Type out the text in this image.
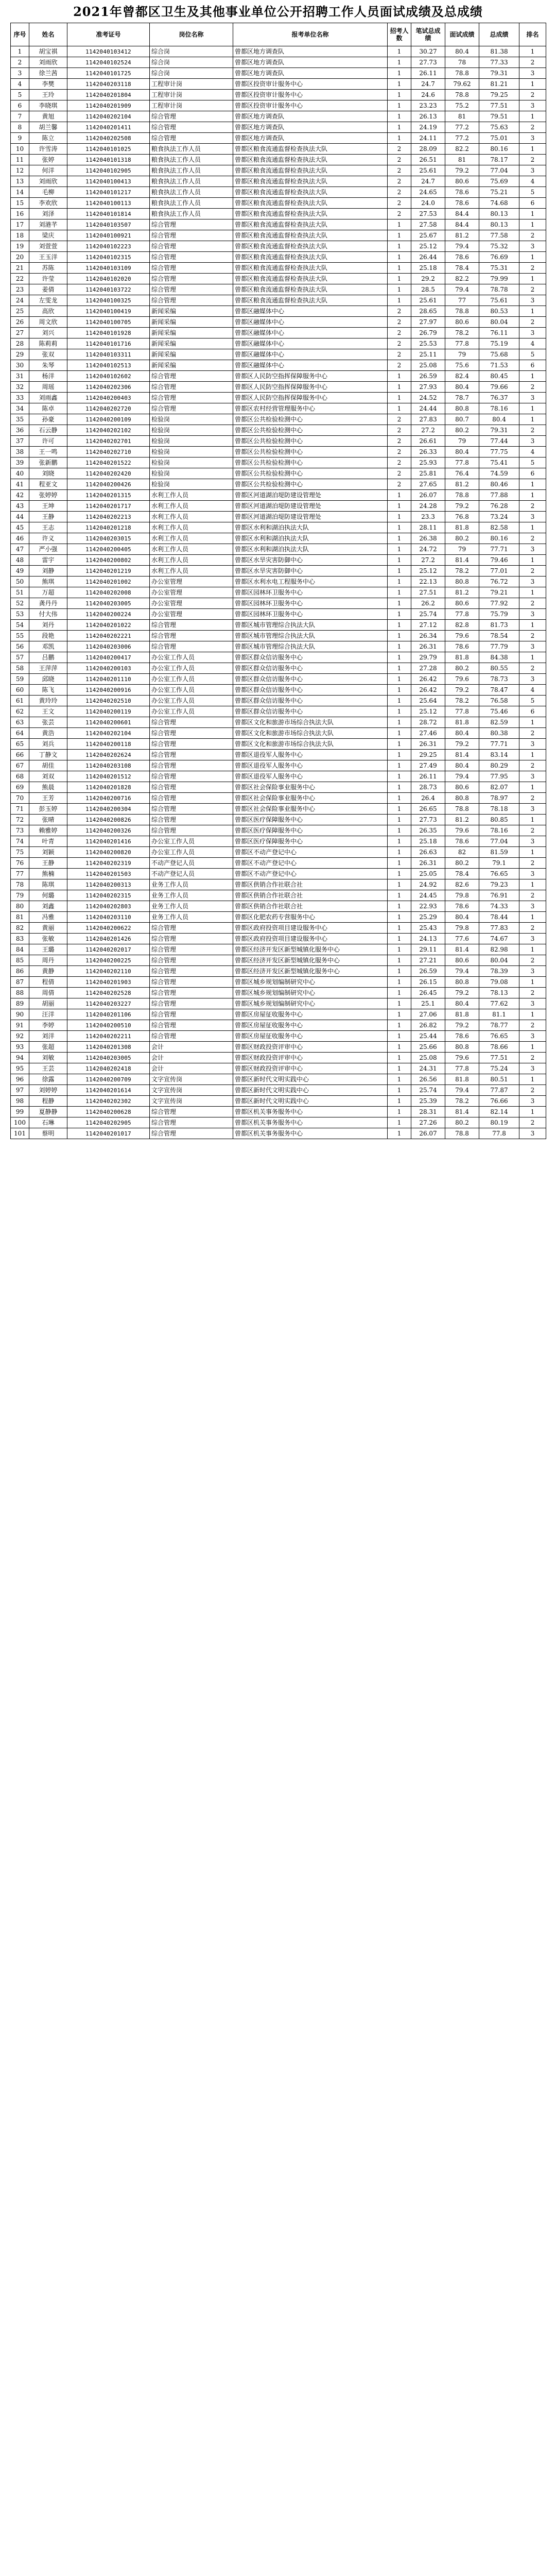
2021年曾都区卫生及其他事业单位公开招聘工作人员面试成绩及总成绩
序号	姓名	准考证号	岗位名称	报考单位名称	招考人数	笔试总成绩	面试成绩	总成绩	排名
1	胡宝祺	1142040103412	综合岗	曾都区地方调查队	1	30.27	80.4	81.38	1
2	刘雨欣	1142040102524	综合岗	曾都区地方调查队	1	27.73	78	77.33	2
3	徐兰茜	1142040101725	综合岗	曾都区地方调查队	1	26.11	78.8	79.31	3
4	李樊	1142040203118	工程审计岗	曾都区投资审计服务中心	1	24.7	79.62	81.21	1
5	王玲	1142040201804	工程审计岗	曾都区投资审计服务中心	1	24.6	78.8	79.25	2
6	李晓琪	1142040201909	工程审计岗	曾都区投资审计服务中心	1	23.23	75.2	77.51	3
7	黄旭	1142040202104	综合管理	曾都区地方调查队	1	26.13	81	79.51	1
8	胡兰馨	1142040201411	综合管理	曾都区地方调查队	1	24.19	77.2	75.63	2
9	陈立	1142040202508	综合管理	曾都区地方调查队	1	24.11	77.2	75.01	3
10	许雪涛	1142040101025	粮食执法工作人员	曾都区粮食流通监督检查执法大队	2	28.09	82.2	80.16	1
11	张婷	1142040101318	粮食执法工作人员	曾都区粮食流通监督检查执法大队	2	26.51	81	78.17	2
12	何洋	1142040102905	粮食执法工作人员	曾都区粮食流通监督检查执法大队	2	25.61	79.2	77.04	3
13	刘雨欣	1142040100413	粮食执法工作人员	曾都区粮食流通监督检查执法大队	2	24.7	80.6	75.69	4
14	毛柳	1142040101217	粮食执法工作人员	曾都区粮食流通监督检查执法大队	2	24.65	78.6	75.21	5
15	李欢欣	1142040100113	粮食执法工作人员	曾都区粮食流通监督检查执法大队	2	24.0	78.6	74.68	6
16	刘泽	1142040101814	粮食执法工作人员	曾都区粮食流通监督检查执法大队	2	27.53	84.4	80.13	1
17	刘港芊	1142040103507	综合管理	曾都区粮食流通监督检查执法大队	1	27.58	84.4	80.13	1
18	梁庆	1142040100921	综合管理	曾都区粮食流通监督检查执法大队	1	25.67	81.2	77.58	2
19	刘萱萱	1142040102223	综合管理	曾都区粮食流通监督检查执法大队	1	25.12	79.4	75.32	3
20	王玉洋	1142040102315	综合管理	曾都区粮食流通监督检查执法大队	1	26.44	78.6	76.69	1
21	苏陈	1142040103109	综合管理	曾都区粮食流通监督检查执法大队	1	25.18	78.4	75.31	2
22	许莹	1142040102020	综合管理	曾都区粮食流通监督检查执法大队	1	29.2	82.2	79.99	1
23	姜倩	1142040103722	综合管理	曾都区粮食流通监督检查执法大队	1	28.5	79.4	78.78	2
24	左雯龙	1142040100325	综合管理	曾都区粮食流通监督检查执法大队	1	25.61	77	75.61	3
25	高欣	1142040100419	新闻采编	曾都区融媒体中心	2	28.65	78.8	80.53	1
26	周文欣	1142040100705	新闻采编	曾都区融媒体中心	2	27.97	80.6	80.04	2
27	刘兴	1142040101928	新闻采编	曾都区融媒体中心	2	26.79	78.2	76.11	3
28	陈莉莉	1142040101716	新闻采编	曾都区融媒体中心	2	25.53	77.8	75.19	4
29	张双	1142040103311	新闻采编	曾都区融媒体中心	2	25.11	79	75.68	5
30	朱琴	1142040102513	新闻采编	曾都区融媒体中心	2	25.08	75.6	71.53	6
31	杨洋	1142040102602	综合管理	曾都区人民防空指挥保障服务中心	1	26.59	82.4	80.45	1
32	周瑶	1142040202306	综合管理	曾都区人民防空指挥保障服务中心	1	27.93	80.4	79.66	2
33	刘雨鑫	1142040200403	综合管理	曾都区人民防空指挥保障服务中心	1	24.52	78.7	76.37	3
34	陈卓	1142040202720	综合管理	曾都区农村经营管理服务中心	1	24.44	80.8	78.16	1
35	孙豪	1142040200109	检验岗	曾都区公共检验检测中心	2	27.83	80.7	80.4	1
36	石云静	1142040202102	检验岗	曾都区公共检验检测中心	2	27.2	80.2	79.31	2
37	许可	1142040202701	检验岗	曾都区公共检验检测中心	2	26.61	79	77.44	3
38	王一鸣	1142040202710	检验岗	曾都区公共检验检测中心	2	26.33	80.4	77.75	4
39	张新鹏	1142040201522	检验岗	曾都区公共检验检测中心	2	25.93	77.8	75.41	5
40	刘晓	1142040202420	检验岗	曾都区公共检验检测中心	2	25.81	76.4	74.59	6
41	程亚文	1142040200426	检验岗	曾都区公共检验检测中心	2	27.65	81.2	80.46	1
42	张婷婷	1142040201315	水利工作人员	曾都区河道湖泊堤防建设管理处	1	26.07	78.8	77.88	1
43	王坤	1142040201717	水利工作人员	曾都区河道湖泊堤防建设管理处	1	24.28	79.2	76.28	2
44	王静	1142040202213	水利工作人员	曾都区河道湖泊堤防建设管理处	1	23.3	76.8	73.24	3
45	王志	1142040201218	水利工作人员	曾都区水利和湖泊执法大队	1	28.11	81.8	82.58	1
46	许义	1142040203015	水利工作人员	曾都区水利和湖泊执法大队	1	26.38	80.2	80.16	2
47	严小强	1142040200405	水利工作人员	曾都区水利和湖泊执法大队	1	24.72	79	77.71	3
48	雷宇	1142040200802	水利工作人员	曾都区水旱灾害防御中心	1	27.2	81.4	79.46	1
49	刘静	1142040201219	水利工作人员	曾都区水旱灾害防御中心	1	25.12	78.2	77.01	2
50	熊琪	1142040201002	办公室管理	曾都区水利水电工程服务中心	1	22.13	80.8	76.72	3
51	万超	1142040202008	办公室管理	曾都区园林环卫服务中心	1	27.51	81.2	79.21	1
52	龚丹丹	1142040203005	办公室管理	曾都区园林环卫服务中心	1	26.2	80.6	77.92	2
53	付大伟	1142040200224	办公室管理	曾都区园林环卫服务中心	1	25.74	77.8	75.79	3
54	刘丹	1142040201022	综合管理	曾都区城市管理综合执法大队	1	27.12	82.8	81.73	1
55	段艳	1142040202221	综合管理	曾都区城市管理综合执法大队	1	26.34	79.6	78.54	2
56	邓凯	1142040203006	综合管理	曾都区城市管理综合执法大队	1	26.31	78.6	77.79	3
57	吕鹏	1142040200417	办公室工作人员	曾都区群众信访服务中心	1	29.79	81.8	84.38	1
58	王萍萍	1142040200103	办公室工作人员	曾都区群众信访服务中心	1	27.28	80.2	80.55	2
59	邱晓	1142040201110	办公室工作人员	曾都区群众信访服务中心	1	26.42	79.6	78.73	3
60	陈飞	1142040200916	办公室工作人员	曾都区群众信访服务中心	1	26.42	79.2	78.47	4
61	黄玲玲	1142040202510	办公室工作人员	曾都区群众信访服务中心	1	25.64	78.2	76.58	5
62	王文	1142040200119	办公室工作人员	曾都区群众信访服务中心	1	25.12	77.8	75.46	6
63	张芸	1142040200601	综合管理	曾都区文化和旅游市场综合执法大队	1	28.72	81.8	82.59	1
64	黄浩	1142040202104	综合管理	曾都区文化和旅游市场综合执法大队	1	27.46	80.4	80.38	2
65	刘兵	1142040200118	综合管理	曾都区文化和旅游市场综合执法大队	1	26.31	79.2	77.71	3
66	丁静文	1142040202624	综合管理	曾都区退役军人服务中心	1	29.25	81.4	83.14	1
67	胡佳	1142040203108	综合管理	曾都区退役军人服务中心	1	27.49	80.4	80.29	2
68	刘双	1142040201512	综合管理	曾都区退役军人服务中心	1	26.11	79.4	77.95	3
69	熊晨	1142040201828	综合管理	曾都区社会保险事业服务中心	1	28.73	80.6	82.07	1
70	王芳	1142040200716	综合管理	曾都区社会保险事业服务中心	1	26.4	80.8	78.97	2
71	彭玉婷	1142040200304	综合管理	曾都区社会保险事业服务中心	1	26.65	78.8	78.18	3
72	张晴	1142040200826	综合管理	曾都区医疗保障服务中心	1	27.73	81.2	80.85	1
73	赖雅婷	1142040200326	综合管理	曾都区医疗保障服务中心	1	26.35	79.6	78.16	2
74	叶青	1142040201416	办公室工作人员	曾都区医疗保障服务中心	1	25.18	78.6	77.04	3
75	刘颖	1142040200820	办公室工作人员	曾都区不动产登记中心	1	26.63	82	81.59	1
76	王静	1142040202319	不动产登记人员	曾都区不动产登记中心	1	26.31	80.2	79.1	2
77	熊楠	1142040201503	不动产登记人员	曾都区不动产登记中心	1	25.05	78.4	76.65	3
78	陈琪	1142040200313	业务工作人员	曾都区供销合作社联合社	1	24.92	82.6	79.23	1
79	何璐	1142040202315	业务工作人员	曾都区供销合作社联合社	1	24.45	79.8	76.91	2
80	刘鑫	1142040202803	业务工作人员	曾都区供销合作社联合社	1	22.93	78.6	74.33	3
81	冯雅	1142040203110	业务工作人员	曾都区化肥农药专营服务中心	1	25.29	80.4	78.44	1
82	黄丽	1142040200622	综合管理	曾都区政府投资项目建设服务中心	1	25.43	79.8	77.83	2
83	张敏	1142040201426	综合管理	曾都区政府投资项目建设服务中心	1	24.13	77.6	74.67	3
84	王璐	1142040202017	综合管理	曾都区经济开发区新型城镇化服务中心	1	29.11	81.4	82.98	1
85	周丹	1142040200225	综合管理	曾都区经济开发区新型城镇化服务中心	1	27.21	80.6	80.04	2
86	黄静	1142040202110	综合管理	曾都区经济开发区新型城镇化服务中心	1	26.59	79.4	78.39	3
87	程倩	1142040201903	综合管理	曾都区城乡规划编制研究中心	1	26.15	80.8	79.08	1
88	周倩	1142040202528	综合管理	曾都区城乡规划编制研究中心	1	26.45	79.2	78.13	2
89	胡丽	1142040203227	综合管理	曾都区城乡规划编制研究中心	1	25.1	80.4	77.62	3
90	汪洋	1142040201106	综合管理	曾都区房屋征收服务中心	1	27.06	81.8	81.1	1
91	李婷	1142040200510	综合管理	曾都区房屋征收服务中心	1	26.82	79.2	78.77	2
92	刘洋	1142040202211	综合管理	曾都区房屋征收服务中心	1	25.44	78.6	76.65	3
93	张超	1142040201308	会计	曾都区财政投资评审中心	1	25.66	80.8	78.66	1
94	刘敏	1142040203005	会计	曾都区财政投资评审中心	1	25.08	79.6	77.51	2
95	王芸	1142040202418	会计	曾都区财政投资评审中心	1	24.31	77.8	75.24	3
96	徐露	1142040200709	文字宣传岗	曾都区新时代文明实践中心	1	26.56	81.8	80.51	1
97	刘婷婷	1142040201614	文字宣传岗	曾都区新时代文明实践中心	1	25.74	79.4	77.87	2
98	程静	1142040202302	文字宣传岗	曾都区新时代文明实践中心	1	25.39	78.2	76.66	3
99	夏静静	1142040200628	综合管理	曾都区机关事务服务中心	1	28.31	81.4	82.14	1
100	石琳	1142040202905	综合管理	曾都区机关事务服务中心	1	27.26	80.2	80.19	2
101	蔡明	1142040201017	综合管理	曾都区机关事务服务中心	1	26.07	78.8	77.8	3
